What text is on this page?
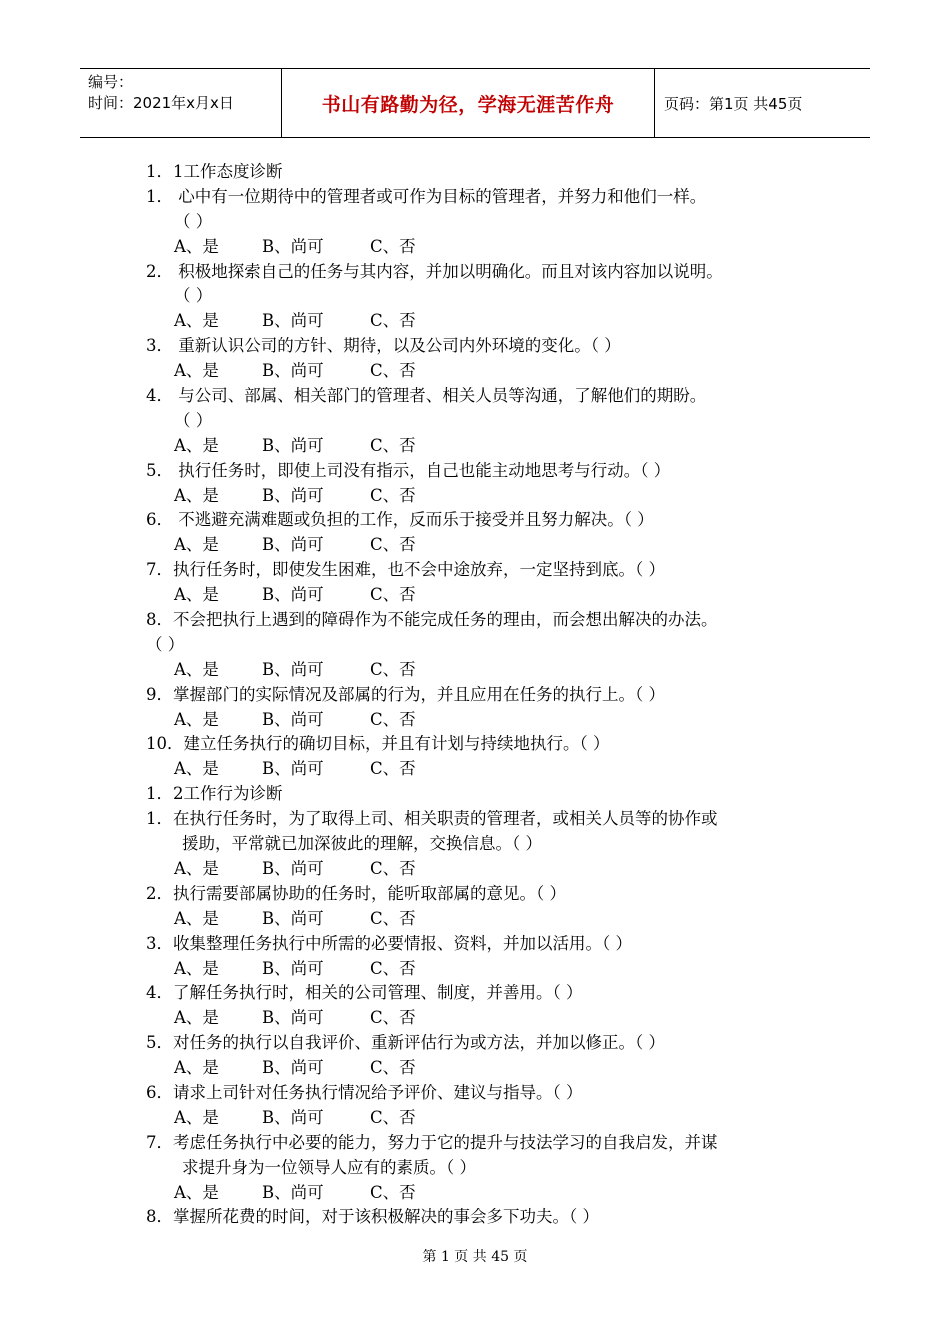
编号：
时间：2021年x月x日	书山有路勤为径，学海无涯苦作舟	页码：第1页 共45页
1．1工作态度诊断
1． 心中有一位期待中的管理者或可作为目标的管理者，并努力和他们一样。
（ ）
A、是	B、尚可	C、否
2． 积极地探索自己的任务与其内容，并加以明确化。而且对该内容加以说明。
（ ）
A、是	B、尚可	C、否
3． 重新认识公司的方针、期待，以及公司内外环境的变化。（ ）
A、是	B、尚可	C、否
4． 与公司、部属、相关部门的管理者、相关人员等沟通，了解他们的期盼。
（ ）
A、是	B、尚可	C、否
5． 执行任务时，即使上司没有指示，自己也能主动地思考与行动。（ ）
A、是	B、尚可	C、否
6． 不逃避充满难题或负担的工作，反而乐于接受并且努力解决。（ ）
A、是	B、尚可	C、否
7．执行任务时，即使发生困难，也不会中途放弃，一定坚持到底。（ ）
A、是	B、尚可	C、否
8．不会把执行上遇到的障碍作为不能完成任务的理由，而会想出解决的办法。
（ ）
A、是	B、尚可	C、否
9．掌握部门的实际情况及部属的行为，并且应用在任务的执行上。（ ）
A、是	B、尚可	C、否
10．建立任务执行的确切目标，并且有计划与持续地执行。（ ）
A、是	B、尚可	C、否
1．2工作行为诊断
1．在执行任务时，为了取得上司、相关职责的管理者，或相关人员等的协作或
援助，平常就已加深彼此的理解，交换信息。（ ）
A、是	B、尚可	C、否
2．执行需要部属协助的任务时，能听取部属的意见。（ ）
A、是	B、尚可	C、否
3．收集整理任务执行中所需的必要情报、资料，并加以活用。（ ）
A、是	B、尚可	C、否
4．了解任务执行时，相关的公司管理、制度，并善用。（ ）
A、是	B、尚可	C、否
5．对任务的执行以自我评价、重新评估行为或方法，并加以修正。（ ）
A、是	B、尚可	C、否
6．请求上司针对任务执行情况给予评价、建议与指导。（ ）
A、是	B、尚可	C、否
7．考虑任务执行中必要的能力，努力于它的提升与技法学习的自我启发，并谋
求提升身为一位领导人应有的素质。（ ）
A、是	B、尚可	C、否
8．掌握所花费的时间，对于该积极解决的事会多下功夫。（ ）
第 1 页 共 45 页
